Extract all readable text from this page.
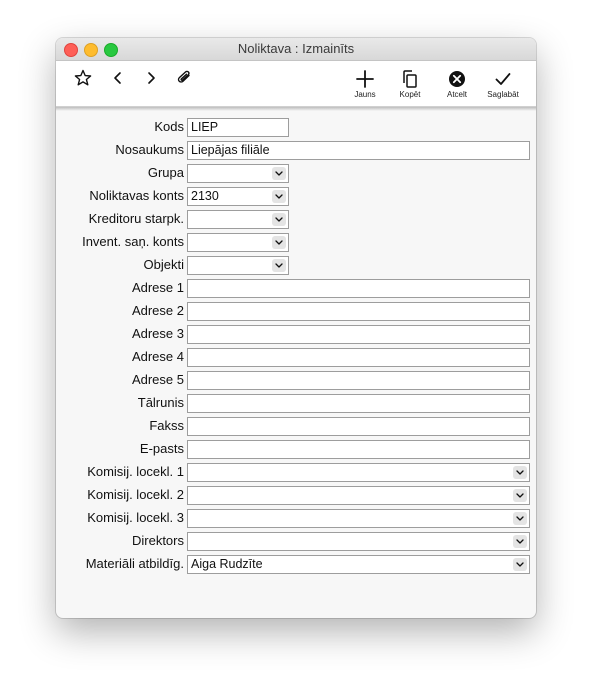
Noliktava : Izmainīts
Jauns	Kopēt	Atcelt	Saglabāt
Kods LIEP
Nosaukums Liepājas filiāle
Grupa
Noliktavas konts 2130
Kreditoru starpk.
Invent. saņ. konts
Objekti
Adrese 1
Adrese 2
Adrese 3
Adrese 4
Adrese 5
Tālrunis
Fakss
E-pasts
Komisij. locekl. 1
Komisij. locekl. 2
Komisij. locekl. 3
Direktors
Materiāli atbildīg. Aiga Rudzīte
